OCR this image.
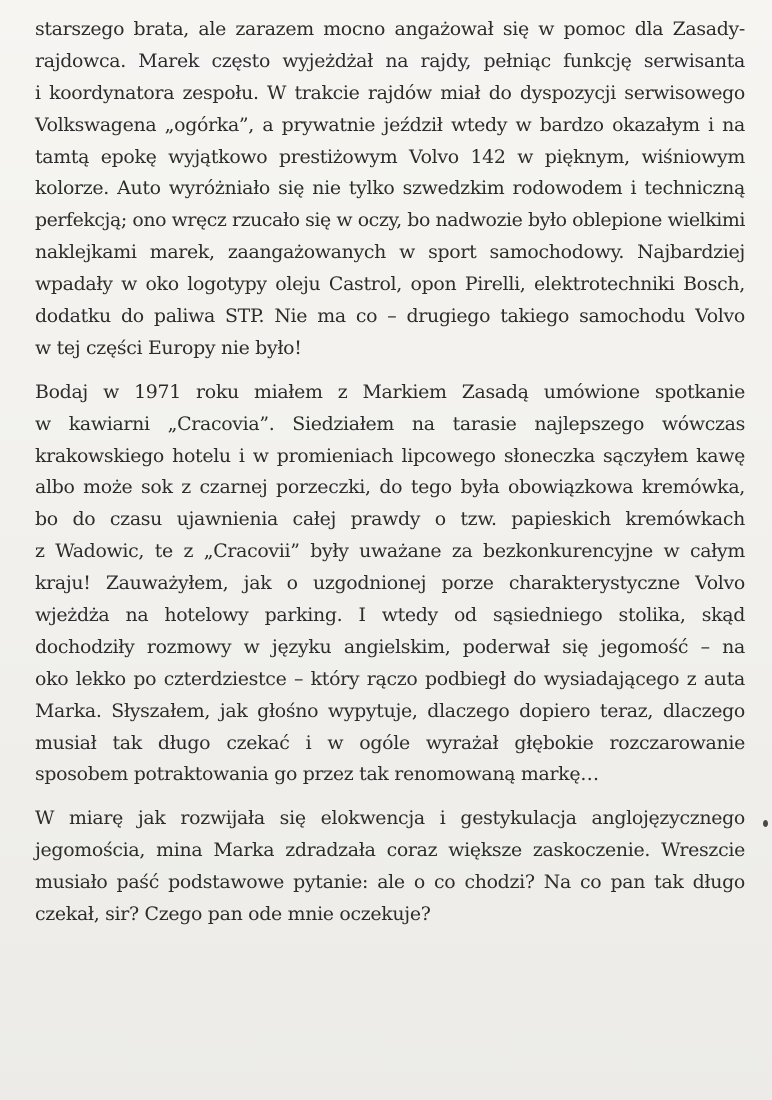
starszego brata, ale zarazem mocno angażował się w pomoc dla Zasady-
rajdowca. Marek często wyjeżdżał na rajdy, pełniąc funkcję serwisanta
i koordynatora zespołu. W trakcie rajdów miał do dyspozycji serwisowego
Volkswagena „ogórka”, a prywatnie jeździł wtedy w bardzo okazałym i na
tamtą epokę wyjątkowo prestiżowym Volvo 142 w pięknym, wiśniowym
kolorze. Auto wyróżniało się nie tylko szwedzkim rodowodem i techniczną
perfekcją; ono wręcz rzucało się w oczy, bo nadwozie było oblepione wielkimi
naklejkami marek, zaangażowanych w sport samochodowy. Najbardziej
wpadały w oko logotypy oleju Castrol, opon Pirelli, elektrotechniki Bosch,
dodatku do paliwa STP. Nie ma co – drugiego takiego samochodu Volvo
w tej części Europy nie było!
Bodaj w 1971 roku miałem z Markiem Zasadą umówione spotkanie
w kawiarni „Cracovia”. Siedziałem na tarasie najlepszego wówczas
krakowskiego hotelu i w promieniach lipcowego słoneczka sączyłem kawę
albo może sok z czarnej porzeczki, do tego była obowiązkowa kremówka,
bo do czasu ujawnienia całej prawdy o tzw. papieskich kremówkach
z Wadowic, te z „Cracovii” były uważane za bezkonkurencyjne w całym
kraju! Zauważyłem, jak o uzgodnionej porze charakterystyczne Volvo
wjeżdża na hotelowy parking. I wtedy od sąsiedniego stolika, skąd
dochodziły rozmowy w języku angielskim, poderwał się jegomość – na
oko lekko po czterdziestce – który rączo podbiegł do wysiadającego z auta
Marka. Słyszałem, jak głośno wypytuje, dlaczego dopiero teraz, dlaczego
musiał tak długo czekać i w ogóle wyrażał głębokie rozczarowanie
sposobem potraktowania go przez tak renomowaną markę…
W miarę jak rozwijała się elokwencja i gestykulacja anglojęzycznego
jegomościa, mina Marka zdradzała coraz większe zaskoczenie. Wreszcie
musiało paść podstawowe pytanie: ale o co chodzi? Na co pan tak długo
czekał, sir? Czego pan ode mnie oczekuje?
